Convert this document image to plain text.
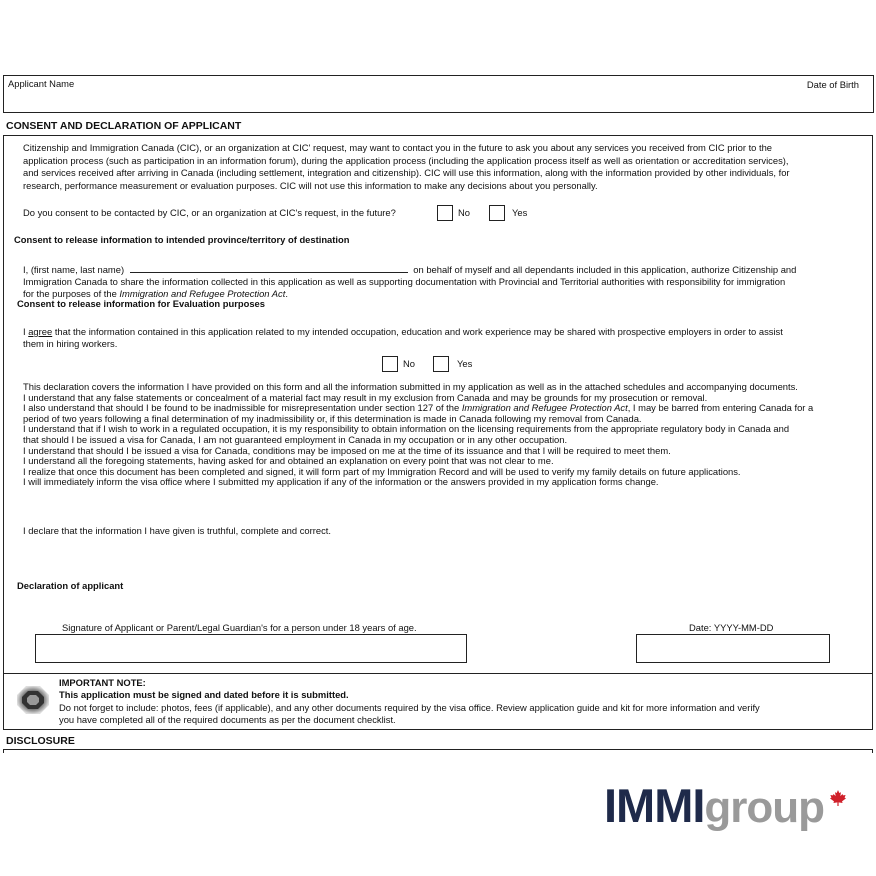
Applicant Name	Date of Birth
CONSENT AND DECLARATION OF APPLICANT
Citizenship and Immigration Canada (CIC), or an organization at CIC' request, may want to contact you in the future to ask you about any services you received from CIC prior to the
application process (such as participation in an information forum), during the application process (including the application process itself as well as orientation or accreditation services),
and services received after arriving in Canada (including settlement, integration and citizenship). CIC will use this information, along with the information provided by other individuals, for
research, performance measurement or evaluation purposes. CIC will not use this information to make any decisions about you personally.
Do you consent to be contacted by CIC, or an organization at CIC's request, in the future?	No	Yes
Consent to release information to intended province/territory of destination
I, (first name, last name)	on behalf of myself and all dependants included in this application, authorize Citizenship and
Immigration Canada to share the information collected in this application as well as supporting documentation with Provincial and Territorial authorities with responsibility for immigration
for the purposes of the Immigration and Refugee Protection Act.
Consent to release information for Evaluation purposes
I agree that the information contained in this application related to my intended occupation, education and work experience may be shared with prospective employers in order to assist
them in hiring workers.
No	Yes
This declaration covers the information I have provided on this form and all the information submitted in my application as well as in the attached schedules and accompanying documents.
I understand that any false statements or concealment of a material fact may result in my exclusion from Canada and may be grounds for my prosecution or removal.
I also understand that should I be found to be inadmissible for misrepresentation under section 127 of the Immigration and Refugee Protection Act, I may be barred from entering Canada for a
period of two years following a final determination of my inadmissibility or, if this determination is made in Canada following my removal from Canada.
I understand that if I wish to work in a regulated occupation, it is my responsibility to obtain information on the licensing requirements from the appropriate regulatory body in Canada and
that should I be issued a visa for Canada, I am not guaranteed employment in Canada in my occupation or in any other occupation.
I understand that should I be issued a visa for Canada, conditions may be imposed on me at the time of its issuance and that I will be required to meet them.
I understand all the foregoing statements, having asked for and obtained an explanation on every point that was not clear to me.
I realize that once this document has been completed and signed, it will form part of my Immigration Record and will be used to verify my family details on future applications.
I will immediately inform the visa office where I submitted my application if any of the information or the answers provided in my application forms change.
I declare that the information I have given is truthful, complete and correct.
Declaration of applicant
Signature of Applicant or Parent/Legal Guardian's for a person under 18 years of age.	Date: YYYY-MM-DD
IMPORTANT NOTE:
This application must be signed and dated before it is submitted.
Do not forget to include: photos, fees (if applicable), and any other documents required by the visa office. Review application guide and kit for more information and verify
you have completed all of the required documents as per the document checklist.
DISCLOSURE
IMMIgroup
